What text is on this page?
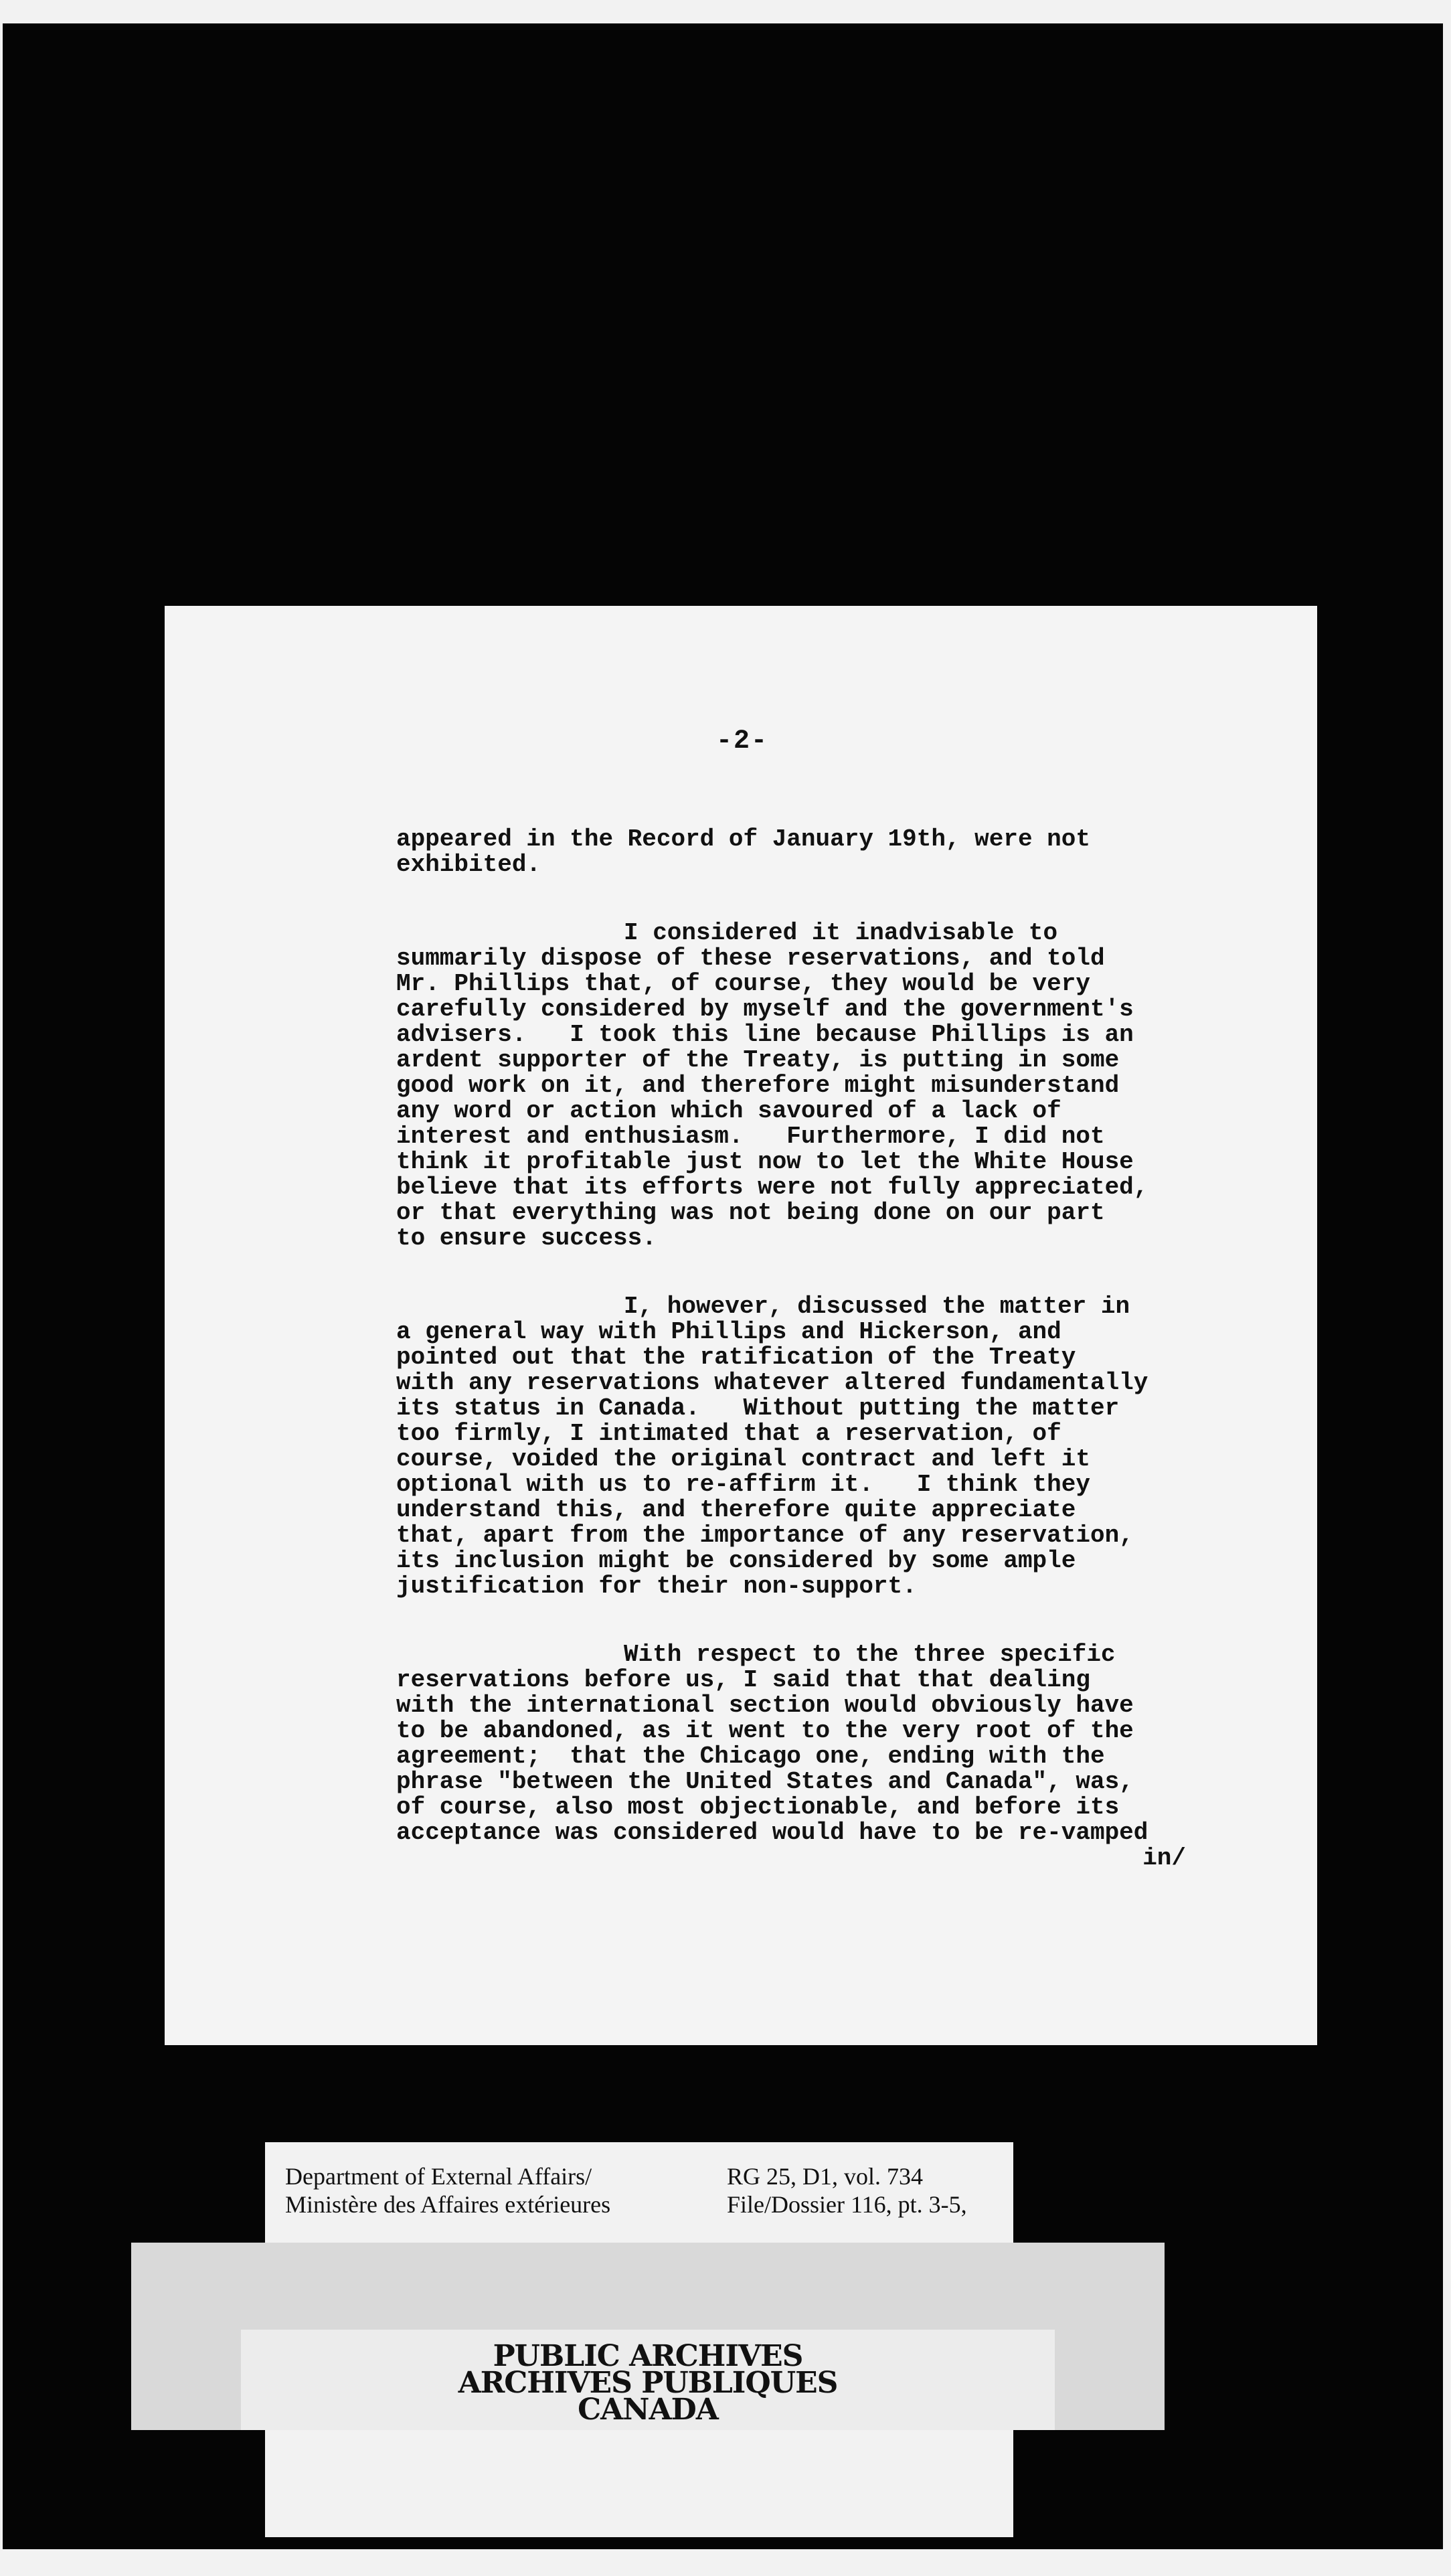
-2-
appeared in the Record of January 19th, were not
exhibited.
I considered it inadvisable to
summarily dispose of these reservations, and told
Mr. Phillips that, of course, they would be very
carefully considered by myself and the government's
advisers.   I took this line because Phillips is an
ardent supporter of the Treaty, is putting in some
good work on it, and therefore might misunderstand
any word or action which savoured of a lack of
interest and enthusiasm.   Furthermore, I did not
think it profitable just now to let the White House
believe that its efforts were not fully appreciated,
or that everything was not being done on our part
to ensure success.
I, however, discussed the matter in
a general way with Phillips and Hickerson, and
pointed out that the ratification of the Treaty
with any reservations whatever altered fundamentally
its status in Canada.   Without putting the matter
too firmly, I intimated that a reservation, of
course, voided the original contract and left it
optional with us to re-affirm it.   I think they
understand this, and therefore quite appreciate
that, apart from the importance of any reservation,
its inclusion might be considered by some ample
justification for their non-support.
With respect to the three specific
reservations before us, I said that that dealing
with the international section would obviously have
to be abandoned, as it went to the very root of the
agreement;  that the Chicago one, ending with the
phrase "between the United States and Canada", was,
of course, also most objectionable, and before its
acceptance was considered would have to be re-vamped
in/
Department of External Affairs/
Ministère des Affaires extérieures
RG 25, D1, vol. 734
File/Dossier 116, pt. 3-5,
PUBLIC ARCHIVES
ARCHIVES PUBLIQUES
CANADA
